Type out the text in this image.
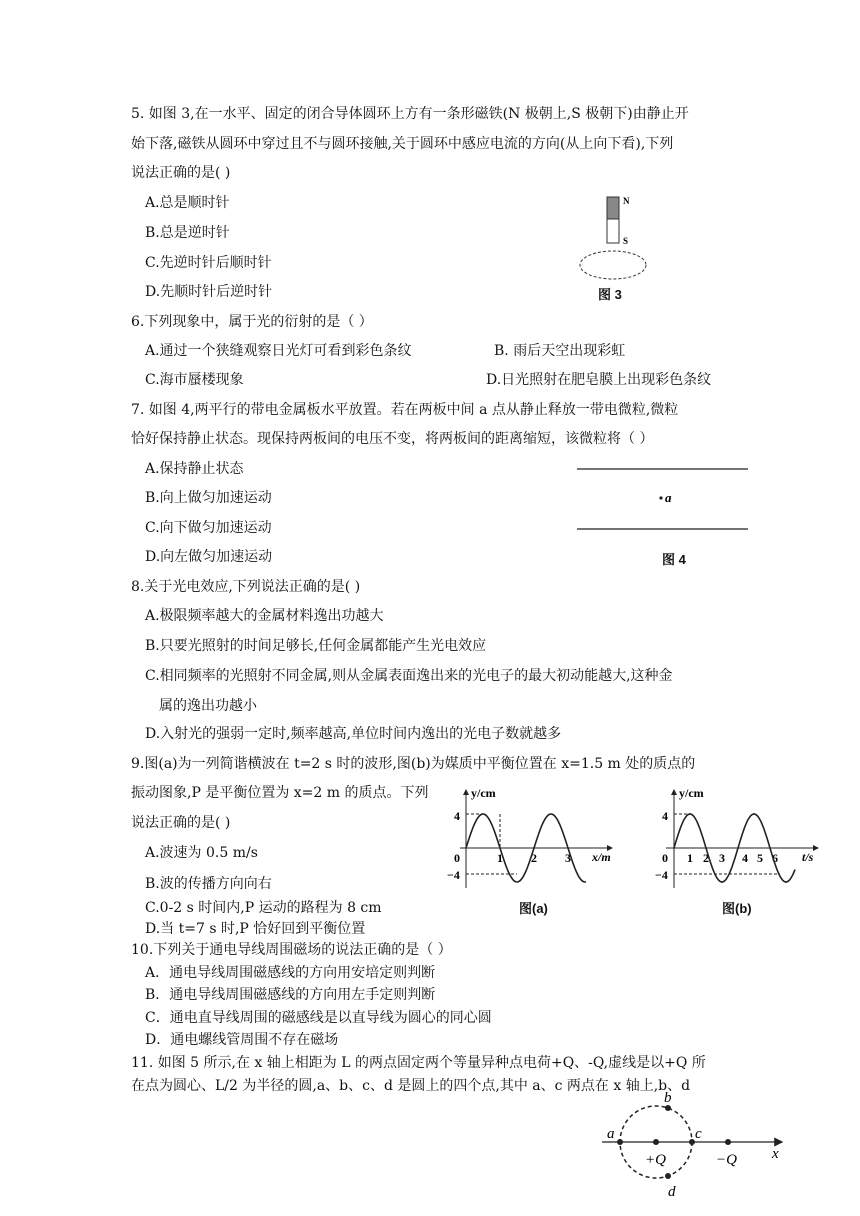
5. 如图 3,在一水平、固定的闭合导体圆环上方有一条形磁铁(N 极朝上,S 极朝下)由静止开
始下落,磁铁从圆环中穿过且不与圆环接触,关于圆环中感应电流的方向(从上向下看),下列
说法正确的是( )
A.总是顺时针
B.总是逆时针
C.先逆时针后顺时针
D.先顺时针后逆时针
N
S
图 3
6.下列现象中，属于光的衍射的是（ ）
A.通过一个狭缝观察日光灯可看到彩色条纹	B. 雨后天空出现彩虹
C.海市蜃楼现象	D.日光照射在肥皂膜上出现彩色条纹
7. 如图 4,两平行的带电金属板水平放置。若在两板中间 a 点从静止释放一带电微粒,微粒
恰好保持静止状态。现保持两板间的电压不变，将两板间的距离缩短，该微粒将（ ）
A.保持静止状态
B.向上做匀加速运动
C.向下做匀加速运动
D.向左做匀加速运动
a
图 4
8.关于光电效应,下列说法正确的是( )
A.极限频率越大的金属材料逸出功越大
B.只要光照射的时间足够长,任何金属都能产生光电效应
C.相同频率的光照射不同金属,则从金属表面逸出来的光电子的最大初动能越大,这种金
属的逸出功越小
D.入射光的强弱一定时,频率越高,单位时间内逸出的光电子数就越多
9.图(a)为一列简谐横波在 t=2 s 时的波形,图(b)为媒质中平衡位置在 x=1.5 m 处的质点的
振动图象,P 是平衡位置为 x=2 m 的质点。下列
说法正确的是( )
A.波速为 0.5 m/s
B.波的传播方向向右
C.0-2 s 时间内,P 运动的路程为 8 cm
D.当 t=7 s 时,P 恰好回到平衡位置
y/cm
x/m
4
−4
0	1 2 3
图(a)
y/cm
t/s
4
−4
0 1 2 3 4 5 6
图(b)
10.下列关于通电导线周围磁场的说法正确的是（ ）
A．通电导线周围磁感线的方向用安培定则判断
B．通电导线周围磁感线的方向用左手定则判断
C．通电直导线周围的磁感线是以直导线为圆心的同心圆
D．通电螺线管周围不存在磁场
11. 如图 5 所示,在 x 轴上相距为 L 的两点固定两个等量异种点电荷+Q、-Q,虚线是以+Q 所
在点为圆心、L/2 为半径的圆,a、b、c、d 是圆上的四个点,其中 a、c 两点在 x 轴上,b、d
a
b
c
d
+Q	−Q x
